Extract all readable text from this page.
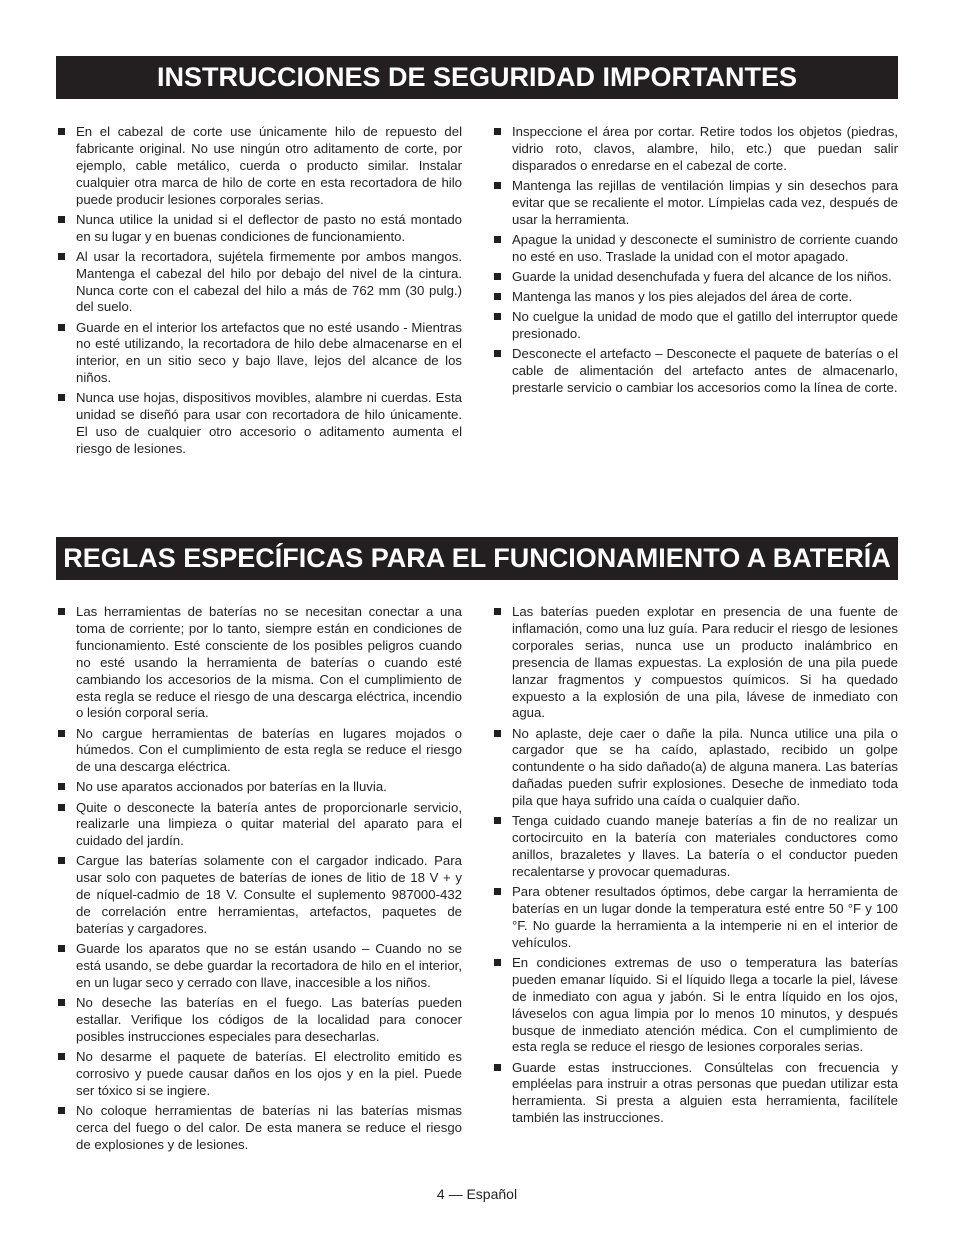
INSTRUCCIONES DE SEGURIDAD IMPORTANTES
En el cabezal de corte use únicamente hilo de repuesto del fabricante original. No use ningún otro aditamento de corte, por ejemplo, cable metálico, cuerda o producto similar. Instalar cualquier otra marca de hilo de corte en esta recortadora de hilo puede producir lesiones corporales serias.
Nunca utilice la unidad si el deflector de pasto no está montado en su lugar y en buenas condiciones de funcionamiento.
Al usar la recortadora, sujétela firmemente por ambos mangos. Mantenga el cabezal del hilo por debajo del nivel de la cintura. Nunca corte con el cabezal del hilo a más de 762 mm (30 pulg.) del suelo.
Guarde en el interior los artefactos que no esté usando - Mientras no esté utilizando, la recortadora de hilo debe almacenarse en el interior, en un sitio seco y bajo llave, lejos del alcance de los niños.
Nunca use hojas, dispositivos movibles, alambre ni cuerdas. Esta unidad se diseñó para usar con recortadora de hilo únicamente. El uso de cualquier otro accesorio o aditamento aumenta el riesgo de lesiones.
Inspeccione el área por cortar. Retire todos los objetos (piedras, vidrio roto, clavos, alambre, hilo, etc.) que puedan salir disparados o enredarse en el cabezal de corte.
Mantenga las rejillas de ventilación limpias y sin desechos para evitar que se recaliente el motor. Límpielas cada vez, después de usar la herramienta.
Apague la unidad y desconecte el suministro de corriente cuando no esté en uso. Traslade la unidad con el motor apagado.
Guarde la unidad desenchufada y fuera del alcance de los niños.
Mantenga las manos y los pies alejados del área de corte.
No cuelgue la unidad de modo que el gatillo del interruptor quede presionado.
Desconecte el artefacto – Desconecte el paquete de baterías o el cable de alimentación del artefacto antes de almacenarlo, prestarle servicio o cambiar los accesorios como la línea de corte.
REGLAS ESPECÍFICAS PARA EL FUNCIONAMIENTO A BATERÍA
Las herramientas de baterías no se necesitan conectar a una toma de corriente; por lo tanto, siempre están en condiciones de funcionamiento. Esté consciente de los posibles peligros cuando no esté usando la herramienta de baterías o cuando esté cambiando los accesorios de la misma. Con el cumplimiento de esta regla se reduce el riesgo de una descarga eléctrica, incendio o lesión corporal seria.
No cargue herramientas de baterías en lugares mojados o húmedos. Con el cumplimiento de esta regla se reduce el riesgo de una descarga eléctrica.
No use aparatos accionados por baterías en la lluvia.
Quite o desconecte la batería antes de proporcionarle servicio, realizarle una limpieza o quitar material del aparato para el cuidado del jardín.
Cargue las baterías solamente con el cargador indicado. Para usar solo con paquetes de baterías de iones de litio de 18 V + y de níquel-cadmio de 18 V. Consulte el suplemento 987000-432 de correlación entre herramientas, artefactos, paquetes de baterías y cargadores.
Guarde los aparatos que no se están usando – Cuando no se está usando, se debe guardar la recortadora de hilo en el interior, en un lugar seco y cerrado con llave, inaccesible a los niños.
No deseche las baterías en el fuego. Las baterías pueden estallar. Verifique los códigos de la localidad para conocer posibles instrucciones especiales para desecharlas.
No desarme el paquete de baterías. El electrolito emitido es corrosivo y puede causar daños en los ojos y en la piel. Puede ser tóxico si se ingiere.
No coloque herramientas de baterías ni las baterías mismas cerca del fuego o del calor. De esta manera se reduce el riesgo de explosiones y de lesiones.
Las baterías pueden explotar en presencia de una fuente de inflamación, como una luz guía. Para reducir el riesgo de lesiones corporales serias, nunca use un producto inalámbrico en presencia de llamas expuestas. La explosión de una pila puede lanzar fragmentos y compuestos químicos. Si ha quedado expuesto a la explosión de una pila, lávese de inmediato con agua.
No aplaste, deje caer o dañe la pila. Nunca utilice una pila o cargador que se ha caído, aplastado, recibido un golpe contundente o ha sido dañado(a) de alguna manera. Las baterías dañadas pueden sufrir explosiones. Deseche de inmediato toda pila que haya sufrido una caída o cualquier daño.
Tenga cuidado cuando maneje baterías a fin de no realizar un cortocircuito en la batería con materiales conductores como anillos, brazaletes y llaves. La batería o el conductor pueden recalentarse y provocar quemaduras.
Para obtener resultados óptimos, debe cargar la herramienta de baterías en un lugar donde la temperatura esté entre 50 °F y 100 °F. No guarde la herramienta a la intemperie ni en el interior de vehículos.
En condiciones extremas de uso o temperatura las baterías pueden emanar líquido. Si el líquido llega a tocarle la piel, lávese de inmediato con agua y jabón. Si le entra líquido en los ojos, láveselos con agua limpia por lo menos 10 minutos, y después busque de inmediato atención médica. Con el cumplimiento de esta regla se reduce el riesgo de lesiones corporales serias.
Guarde estas instrucciones. Consúltelas con frecuencia y empléelas para instruir a otras personas que puedan utilizar esta herramienta. Si presta a alguien esta herramienta, facilítele también las instrucciones.
4 — Español
